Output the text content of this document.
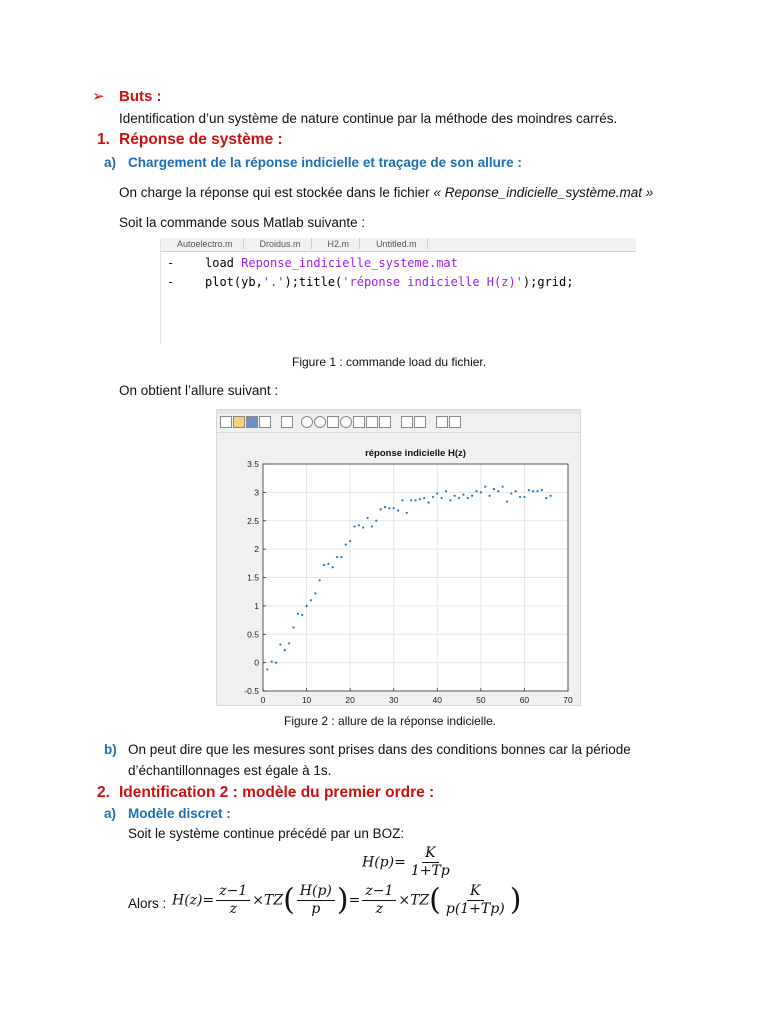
➢ Buts :
Identification d’un système de nature continue par la méthode des moindres carrés.
1. Réponse de système :
a) Chargement de la réponse indicielle et traçage de son allure :
On charge la réponse qui est stockée dans le fichier « Reponse_indicielle_système.mat »
Soit la commande sous Matlab suivante :
Autoelectro.m	Droidus.m	H2.m	Untitled.m
-	load Reponse_indicielle_systeme.mat
-	plot(yb,'.');title('réponse indicielle H(z)');grid;
Figure 1 : commande load du fichier.
On obtient l’allure suivant :
0	10	20	30	40	50	60	70
-0.5
0
0.5
1
1.5
2
2.5
3
3.5
réponse indicielle H(z)
Figure 2 : allure de la réponse indicielle.
b) On peut dire que les mesures sont prises dans des conditions bonnes car la période
d’échantillonnages est égale à 1s.
2. Identification 2 : modèle du premier ordre :
a) Modèle discret :
Soit le système continue précédé par un BOZ:
$H(p)= \frac{K}{1+Tp}$
Alors : $H(z)= \frac{z-1}{z} \times TZ( \frac{H(p)}{p}$ )= $\frac{z-1}{z} \times TZ( \frac{K}{p(1+Tp)}$ )
